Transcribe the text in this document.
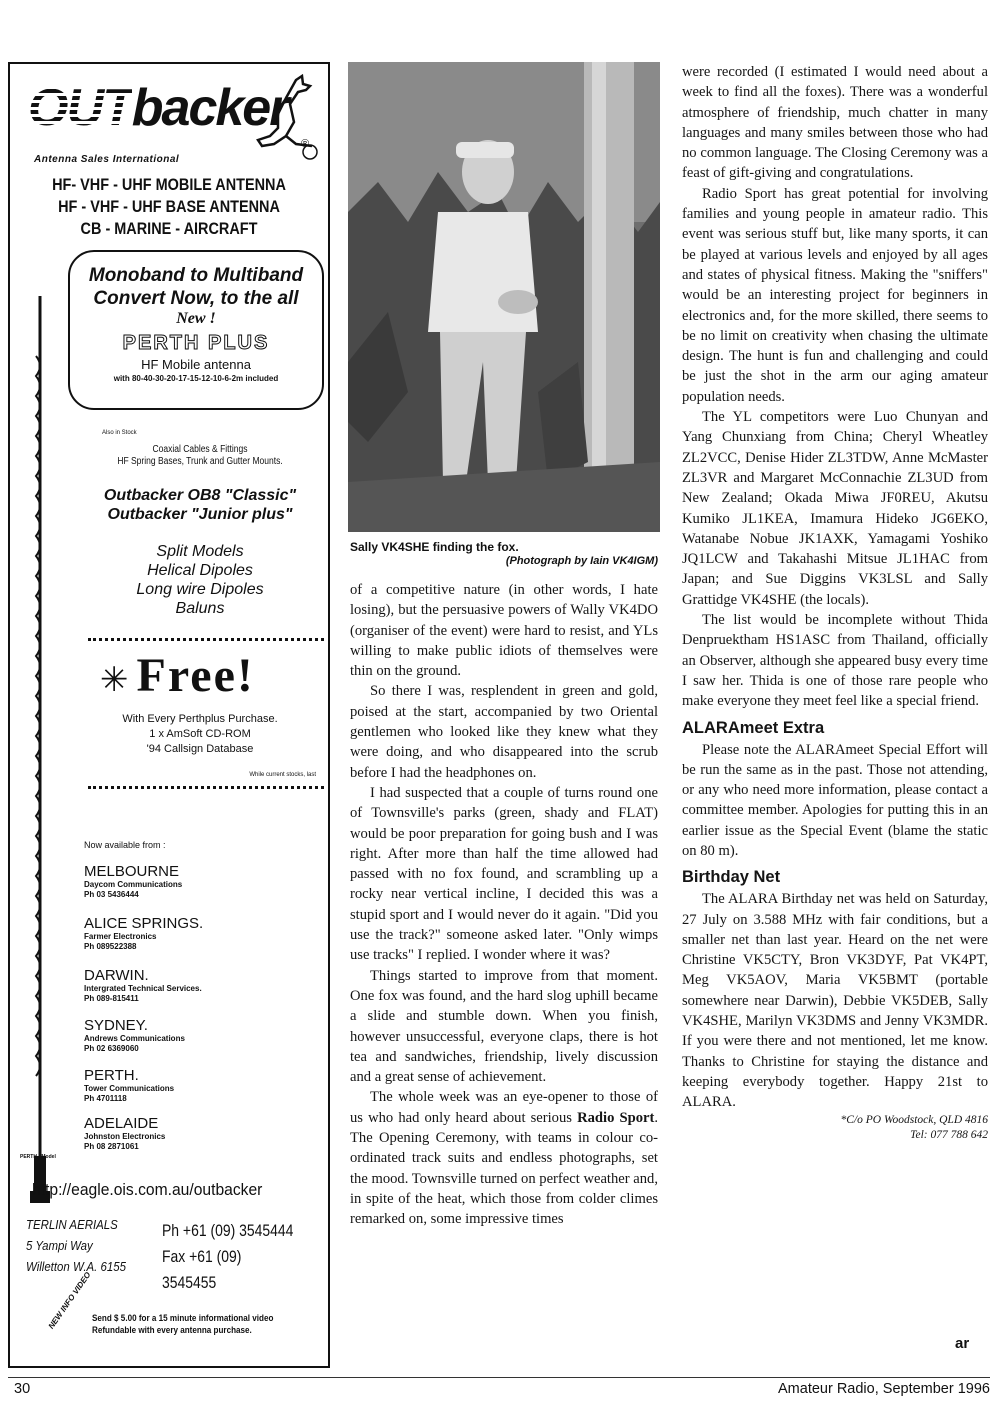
OUTbacker
®
Antenna Sales International
HF- VHF - UHF MOBILE ANTENNA
HF - VHF - UHF BASE ANTENNA
CB - MARINE - AIRCRAFT
Monoband to Multiband
Convert Now, to the all
New !
PERTH PLUS
HF Mobile antenna
with 80-40-30-20-17-15-12-10-6-2m included
Also in Stock
Coaxial Cables & Fittings
HF Spring Bases, Trunk and Gutter Mounts.
Outbacker OB8 "Classic"
Outbacker "Junior plus"
Split Models
Helical Dipoles
Long wire Dipoles
Baluns
✳ Free!
With Every Perthplus Purchase.
1 x AmSoft CD-ROM
'94 Callsign Database
While current stocks, last
Now available from :
MELBOURNE
Daycom Communications
Ph 03 5436444
ALICE SPRINGS.
Farmer Electronics
Ph 089522388
DARWIN.
Intergrated Technical Services.
Ph 089-815411
SYDNEY.
Andrews Communications
Ph 02 6369060
PERTH.
Tower Communications
Ph 4701118
ADELAIDE
Johnston Electronics
Ph 08 2871061
PERTH - Model
http://eagle.ois.com.au/outbacker
TERLIN AERIALS
5 Yampi Way
Willetton W.A. 6155
Ph +61 (09) 3545444
Fax +61 (09) 3545455
NEW INFO VIDEO Send $ 5.00 for a 15 minute informational video
Refundable with every antenna purchase.
Sally VK4SHE finding the fox.
(Photograph by Iain VK4IGM)

of a competitive nature (in other words, I hate losing), but the persuasive powers of Wally VK4DO (organiser of the event) were hard to resist, and YLs willing to make public idiots of themselves were thin on the ground.

So there I was, resplendent in green and gold, poised at the start, accompanied by two Oriental gentlemen who looked like they knew what they were doing, and who disappeared into the scrub before I had the headphones on.

I had suspected that a couple of turns round one of Townsville's parks (green, shady and FLAT) would be poor preparation for going bush and I was right. After more than half the time allowed had passed with no fox found, and scrambling up a rocky near vertical incline, I decided this was a stupid sport and I would never do it again. "Did you use the track?" someone asked later. "Only wimps use tracks" I replied. I wonder where it was?

Things started to improve from that moment. One fox was found, and the hard slog uphill became a slide and stumble down. When you finish, however unsuccessful, everyone claps, there is hot tea and sandwiches, friendship, lively discussion and a great sense of achievement.

The whole week was an eye-opener to those of us who had only heard about serious Radio Sport. The Opening Ceremony, with teams in colour co-ordinated track suits and endless photographs, set the mood. Townsville turned on perfect weather and, in spite of the heat, which those from colder climes remarked on, some impressive times

were recorded (I estimated I would need about a week to find all the foxes). There was a wonderful atmosphere of friendship, much chatter in many languages and many smiles between those who had no common language. The Closing Ceremony was a feast of gift-giving and congratulations.

Radio Sport has great potential for involving families and young people in amateur radio. This event was serious stuff but, like many sports, it can be played at various levels and enjoyed by all ages and states of physical fitness. Making the "sniffers" would be an interesting project for beginners in electronics and, for the more skilled, there seems to be no limit on creativity when chasing the ultimate design. The hunt is fun and challenging and could be just the shot in the arm our aging amateur population needs.

The YL competitors were Luo Chunyan and Yang Chunxiang from China; Cheryl Wheatley ZL2VCC, Denise Hider ZL3TDW, Anne McMaster ZL3VR and Margaret McConnachie ZL3UD from New Zealand; Okada Miwa JF0REU, Akutsu Kumiko JL1KEA, Imamura Hideko JG6EKO, Watanabe Nobue JK1AXK, Yamagami Yoshiko JQ1LCW and Takahashi Mitsue JL1HAC from Japan; and Sue Diggins VK3LSL and Sally Grattidge VK4SHE (the locals).

The list would be incomplete without Thida Denpruektham HS1ASC from Thailand, officially an Observer, although she appeared busy every time I saw her. Thida is one of those rare people who make everyone they meet feel like a special friend.

ALARAmeet Extra

Please note the ALARAmeet Special Effort will be run the same as in the past. Those not attending, or any who need more information, please contact a committee member. Apologies for putting this in an earlier issue as the Special Event (blame the static on 80 m).

Birthday Net

The ALARA Birthday net was held on Saturday, 27 July on 3.588 MHz with fair conditions, but a smaller net than last year. Heard on the net were Christine VK5CTY, Bron VK3DYF, Pat VK4PT, Meg VK5AOV, Maria VK5BMT (portable somewhere near Darwin), Debbie VK5DEB, Sally VK4SHE, Marilyn VK3DMS and Jenny VK3MDR. If you were there and not mentioned, let me know. Thanks to Christine for staying the distance and keeping everybody together. Happy 21st to ALARA.

*C/o PO Woodstock, QLD 4816
Tel: 077 788 642
ar
30	Amateur Radio, September 1996
